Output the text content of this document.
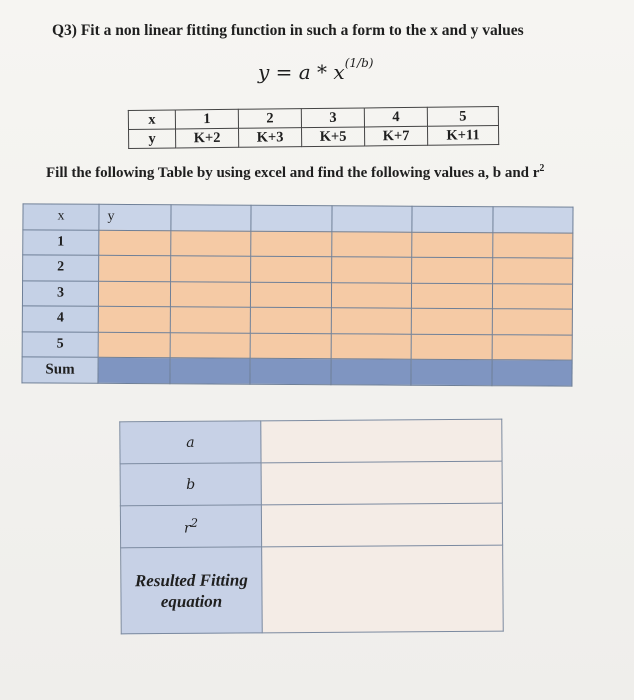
Q3) Fit a non linear fitting function in such a form to the x and y values
$y = a * x^{(1/b)}$
x	1	2	3	4	5
y	K+2	K+3	K+5	K+7	K+11
Fill the following Table by using excel and find the following values a, b and $r^2$
x	y					
1						
2						
3						
4						
5						
Sum						
a	
b	
$r^2$	
Resulted Fitting equation	
